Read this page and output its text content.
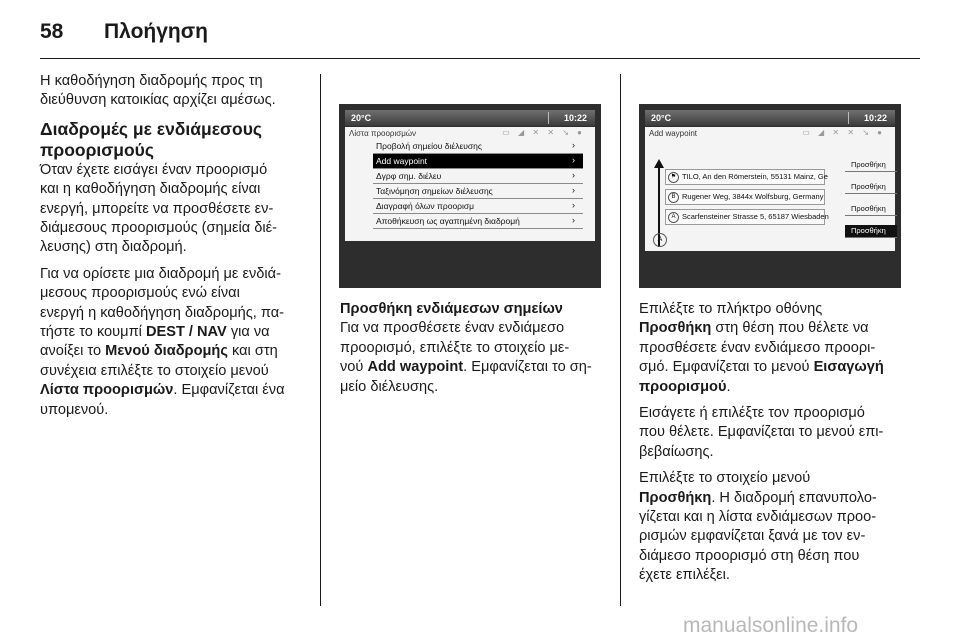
58 Πλοήγηση

Η καθοδήγηση διαδρομής προς τη
διεύθυνση κατοικίας αρχίζει αμέσως.

Διαδρομές με ενδιάμεσους
προορισμούς

Όταν έχετε εισάγει έναν προορισμό
και η καθοδήγηση διαδρομής είναι
ενεργή, μπορείτε να προσθέσετε εν-
διάμεσους προορισμούς (σημεία διέ-
λευσης) στη διαδρομή.

Για να ορίσετε μια διαδρομή με ενδιά-
μεσους προορισμούς ενώ είναι
ενεργή η καθοδήγηση διαδρομής, πα-
τήστε το κουμπί DEST / NAV για να
ανοίξει το Μενού διαδρομής και στη
συνέχεια επιλέξτε το στοιχείο μενού
Λίστα προορισμών. Εμφανίζεται ένα
υπομενού.

20°C	10:22
Λίστα προορισμών	▭ ◢ ✕ ✕ ↘ ●
Προβολή σημείου διέλευσης	›
Add waypoint	›
Δγρφ σημ. διέλευ	›
Ταξινόμηση σημείων διέλευσης	›
Διαγραφή όλων προορισμ	›
Αποθήκευση ως αγαπημένη διαδρομή	›
Προσθήκη ενδιάμεσων σημείων
Για να προσθέσετε έναν ενδιάμεσο
προορισμό, επιλέξτε το στοιχείο με-
νού Add waypoint. Εμφανίζεται το ση-
μείο διέλευσης.
20°C	10:22
Add waypoint	▭ ◢ ✕ ✕ ↘ ●
⚑ TILO, An den Römerstein, 55131 Mainz, Ge
B Rugener Weg, 3844x Wolfsburg, Germany
A Scarfensteiner Strasse 5, 65187 Wiesbaden
A
Προσθήκη
Προσθήκη
Προσθήκη
Προσθήκη

Επιλέξτε το πλήκτρο οθόνης
Προσθήκη στη θέση που θέλετε να
προσθέσετε έναν ενδιάμεσο προορι-
σμό. Εμφανίζεται το μενού Εισαγωγή
προορισμού.

Εισάγετε ή επιλέξτε τον προορισμό
που θέλετε. Εμφανίζεται το μενού επι-
βεβαίωσης.

Επιλέξτε το στοιχείο μενού
Προσθήκη. Η διαδρομή επανυπολο-
γίζεται και η λίστα ενδιάμεσων προο-
ρισμών εμφανίζεται ξανά με τον εν-
διάμεσο προορισμό στη θέση που
έχετε επιλέξει.

manualsonline.info
